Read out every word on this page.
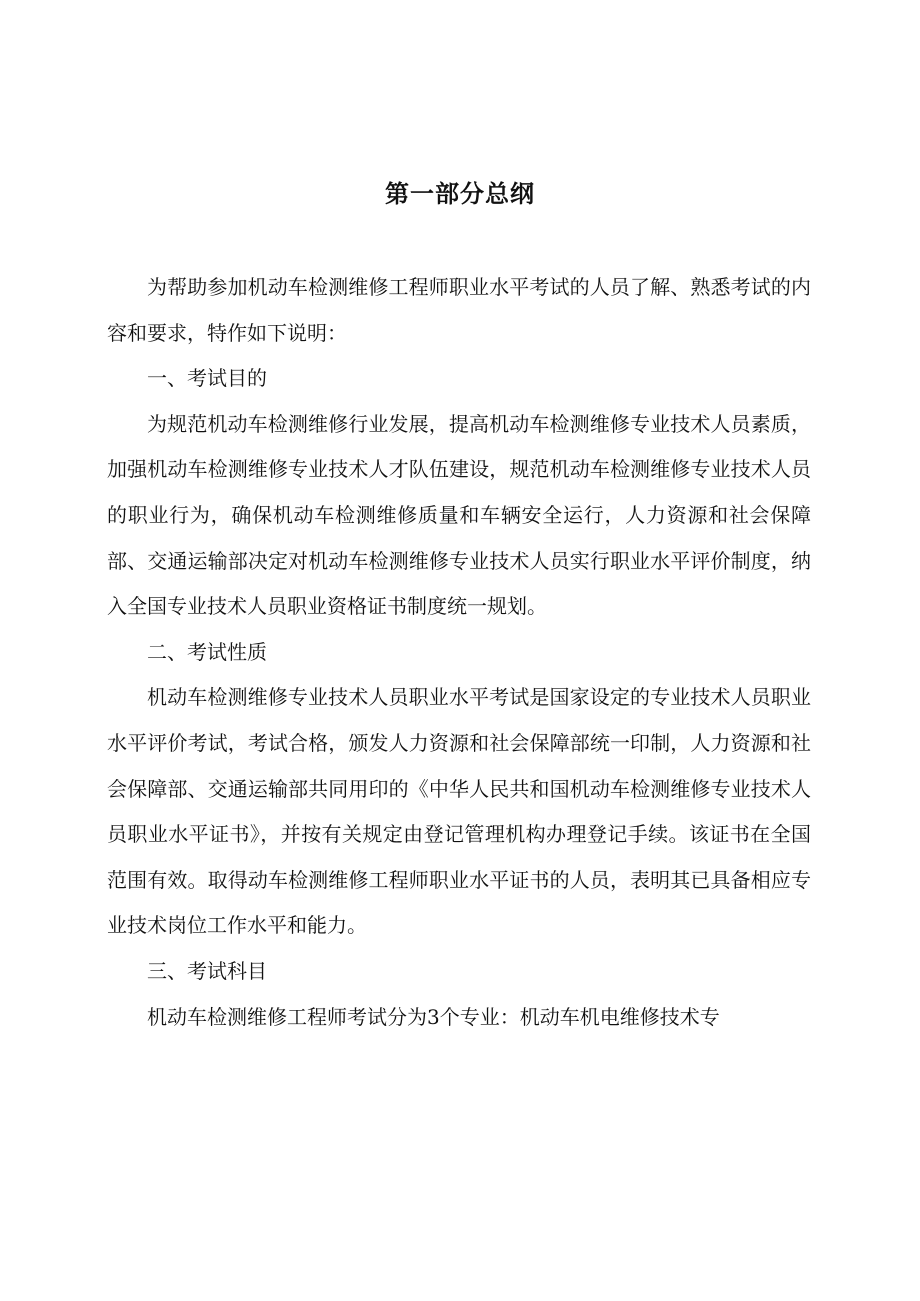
第一部分总纲

为帮助参加机动车检测维修工程师职业水平考试的人员了解、熟悉考试的内容和要求，特作如下说明：

一、考试目的

为规范机动车检测维修行业发展，提高机动车检测维修专业技术人员素质，加强机动车检测维修专业技术人才队伍建设，规范机动车检测维修专业技术人员的职业行为，确保机动车检测维修质量和车辆安全运行，人力资源和社会保障部、交通运输部决定对机动车检测维修专业技术人员实行职业水平评价制度，纳入全国专业技术人员职业资格证书制度统一规划。

二、考试性质

机动车检测维修专业技术人员职业水平考试是国家设定的专业技术人员职业水平评价考试，考试合格，颁发人力资源和社会保障部统一印制，人力资源和社会保障部、交通运输部共同用印的《中华人民共和国机动车检测维修专业技术人员职业水平证书》，并按有关规定由登记管理机构办理登记手续。该证书在全国范围有效。取得动车检测维修工程师职业水平证书的人员，表明其已具备相应专业技术岗位工作水平和能力。

三、考试科目

机动车检测维修工程师考试分为3个专业：机动车机电维修技术专
